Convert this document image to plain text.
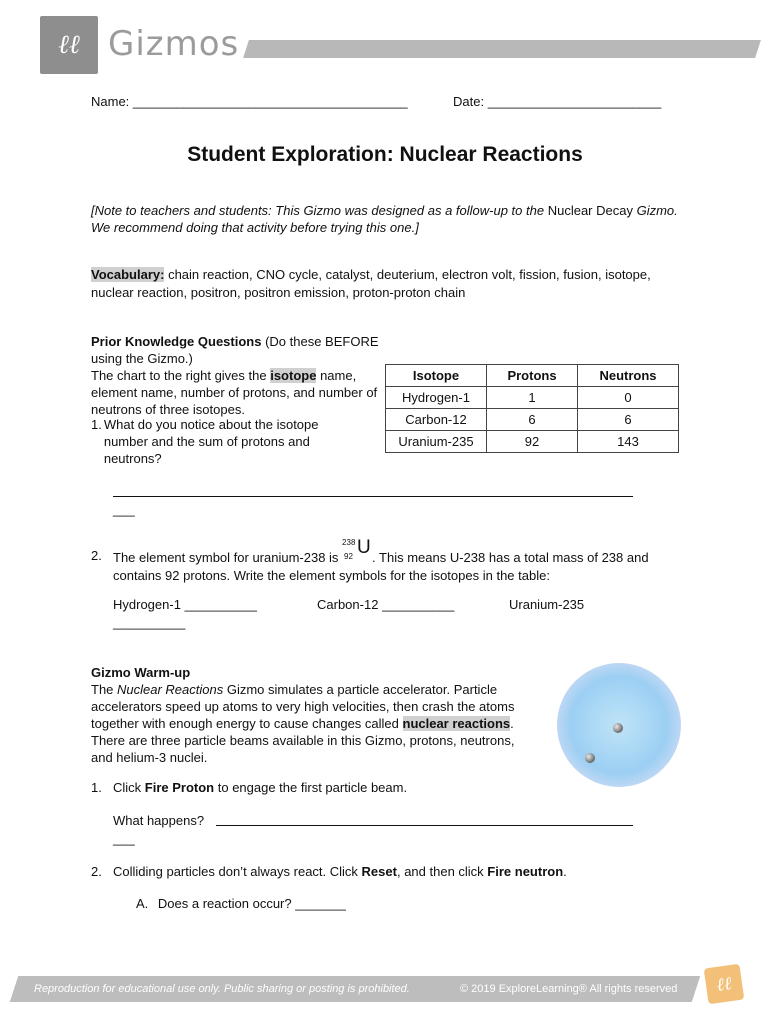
ℓℓ Gizmos
Name: ______________________________________	Date: ________________________
Student Exploration: Nuclear Reactions
[Note to teachers and students: This Gizmo was designed as a follow-up to the Nuclear Decay Gizmo. We recommend doing that activity before trying this one.]
Vocabulary: chain reaction, CNO cycle, catalyst, deuterium, electron volt, fission, fusion, isotope, nuclear reaction, positron, positron emission, proton-proton chain
Prior Knowledge Questions (Do these BEFORE using the Gizmo.)
The chart to the right gives the isotope name, element name, number of protons, and number of neutrons of three isotopes.
Isotope	Protons	Neutrons
Hydrogen-1	1	0
Carbon-12	6	6
Uranium-235	92	143
1. What do you notice about the isotope number and the sum of protons and neutrons?
___
2. The element symbol for uranium-238 is
238
92 U . This means U-238 has a total mass of 238 and contains 92 protons. Write the element symbols for the isotopes in the table:
Hydrogen-1 __________	Carbon-12 __________	Uranium-235
__________
Gizmo Warm-up
The Nuclear Reactions Gizmo simulates a particle accelerator. Particle accelerators speed up atoms to very high velocities, then crash the atoms together with enough energy to cause changes called nuclear reactions. There are three particle beams available in this Gizmo, protons, neutrons, and helium-3 nuclei.
1. Click Fire Proton to engage the first particle beam.
What happens?
___
2. Colliding particles don’t always react. Click Reset, and then click Fire neutron.
A. Does a reaction occur? _______
Reproduction for educational use only. Public sharing or posting is prohibited.	© 2019 ExploreLearning® All rights reserved ℓℓ
